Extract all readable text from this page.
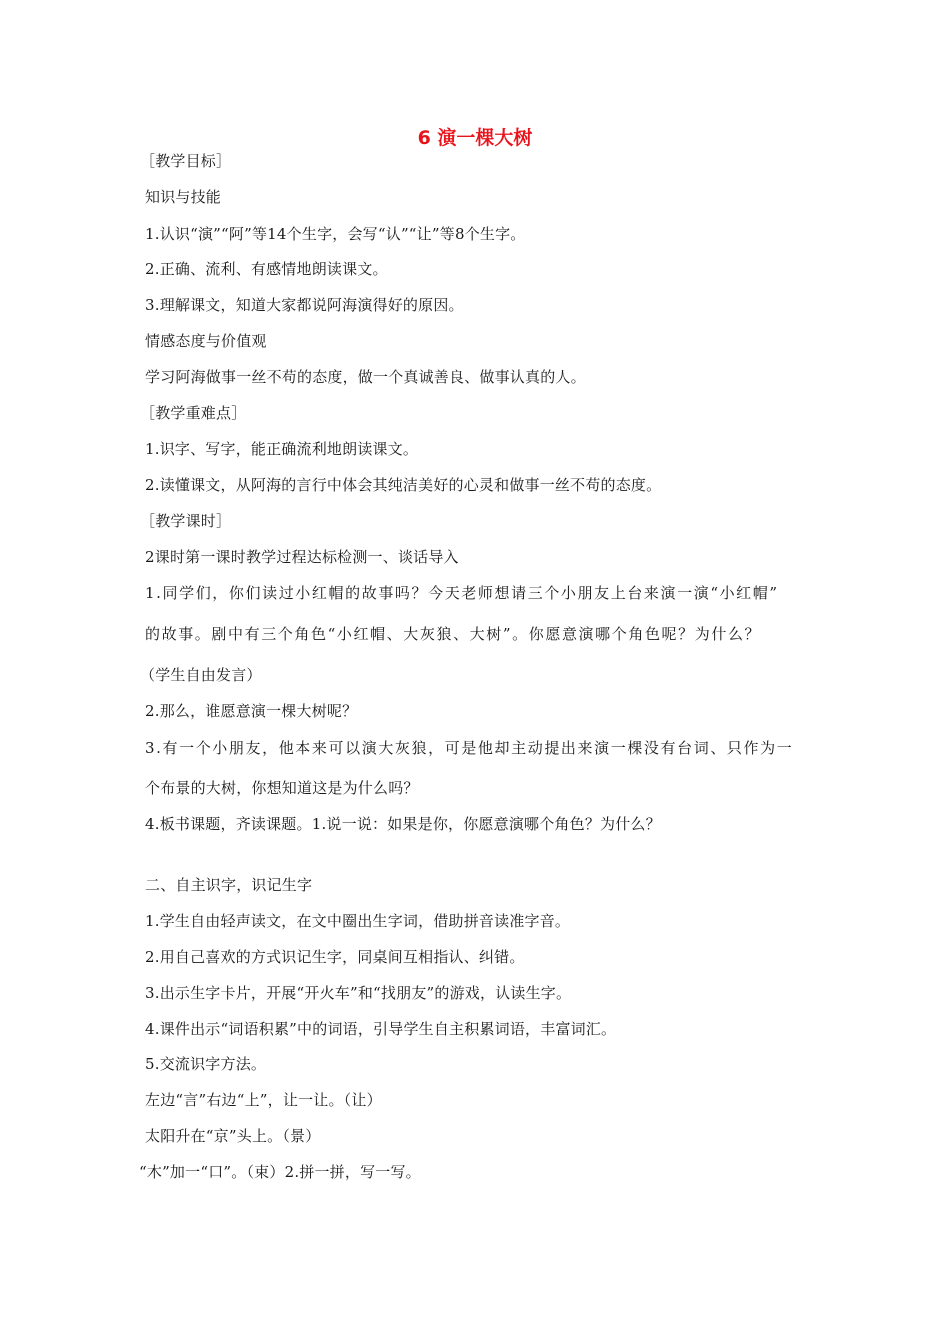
6 演一棵大树
［教学目标］
知识与技能
1.认识“演”“阿”等14个生字，会写“认”“让”等8个生字。
2.正确、流利、有感情地朗读课文。
3.理解课文，知道大家都说阿海演得好的原因。
情感态度与价值观
学习阿海做事一丝不苟的态度，做一个真诚善良、做事认真的人。
［教学重难点］
1.识字、写字，能正确流利地朗读课文。
2.读懂课文，从阿海的言行中体会其纯洁美好的心灵和做事一丝不苟的态度。
［教学课时］
2课时第一课时教学过程达标检测一、谈话导入
1.同学们，你们读过小红帽的故事吗？今天老师想请三个小朋友上台来演一演“小红帽”
的故事。剧中有三个角色“小红帽、大灰狼、大树”。你愿意演哪个角色呢？为什么？
（学生自由发言）
2.那么，谁愿意演一棵大树呢？
3.有一个小朋友，他本来可以演大灰狼，可是他却主动提出来演一棵没有台词、只作为一
个布景的大树，你想知道这是为什么吗？
4.板书课题，齐读课题。1.说一说：如果是你，你愿意演哪个角色？为什么？
二、自主识字，识记生字
1.学生自由轻声读文，在文中圈出生字词，借助拼音读准字音。
2.用自己喜欢的方式识记生字，同桌间互相指认、纠错。
3.出示生字卡片，开展“开火车”和“找朋友”的游戏，认读生字。
4.课件出示“词语积累”中的词语，引导学生自主积累词语，丰富词汇。
5.交流识字方法。
左边“言”右边“上”，让一让。（让）
太阳升在“京”头上。（景）
“木”加一“口”。（束）2.拼一拼，写一写。
